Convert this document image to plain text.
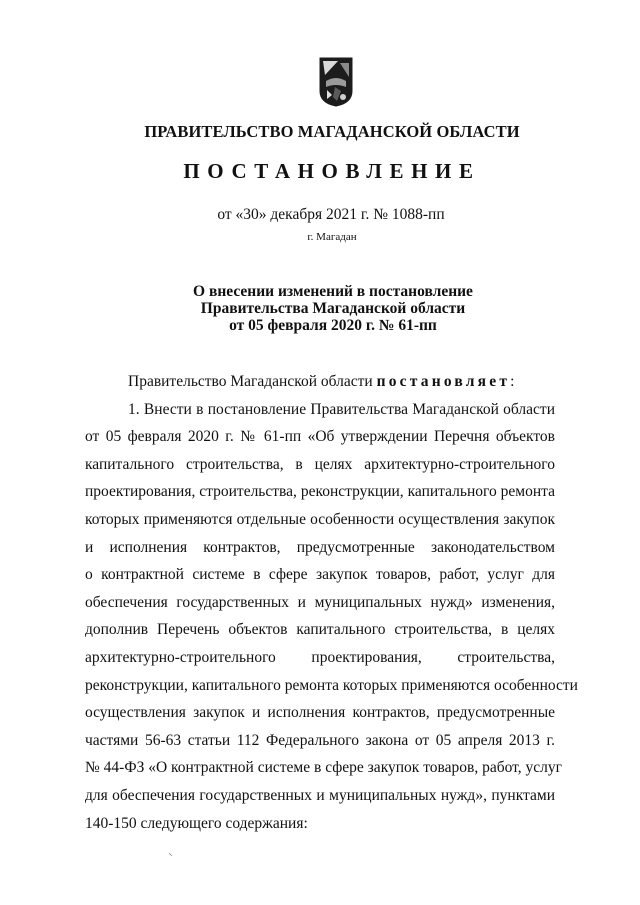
ПРАВИТЕЛЬСТВО МАГАДАНСКОЙ ОБЛАСТИ
ПОСТАНОВЛЕНИЕ
от «30» декабря 2021 г. № 1088-пп
г. Магадан
О внесении изменений в постановление
Правительства Магаданской области
от 05 февраля 2020 г. № 61-пп
Правительство Магаданской области постановляет:
1. Внести в постановление Правительства Магаданской области
от 05 февраля 2020 г. № 61-пп «Об утверждении Перечня объектов
капитального строительства, в целях архитектурно-строительного
проектирования, строительства, реконструкции, капитального ремонта
которых применяются отдельные особенности осуществления закупок
и исполнения контрактов, предусмотренные законодательством
о контрактной системе в сфере закупок товаров, работ, услуг для
обеспечения государственных и муниципальных нужд» изменения,
дополнив Перечень объектов капитального строительства, в целях
архитектурно-строительного проектирования, строительства,
реконструкции, капитального ремонта которых применяются особенности
осуществления закупок и исполнения контрактов, предусмотренные
частями 56-63 статьи 112 Федерального закона от 05 апреля 2013 г.
№ 44-ФЗ «О контрактной системе в сфере закупок товаров, работ, услуг
для обеспечения государственных и муниципальных нужд», пунктами
140-150 следующего содержания:
